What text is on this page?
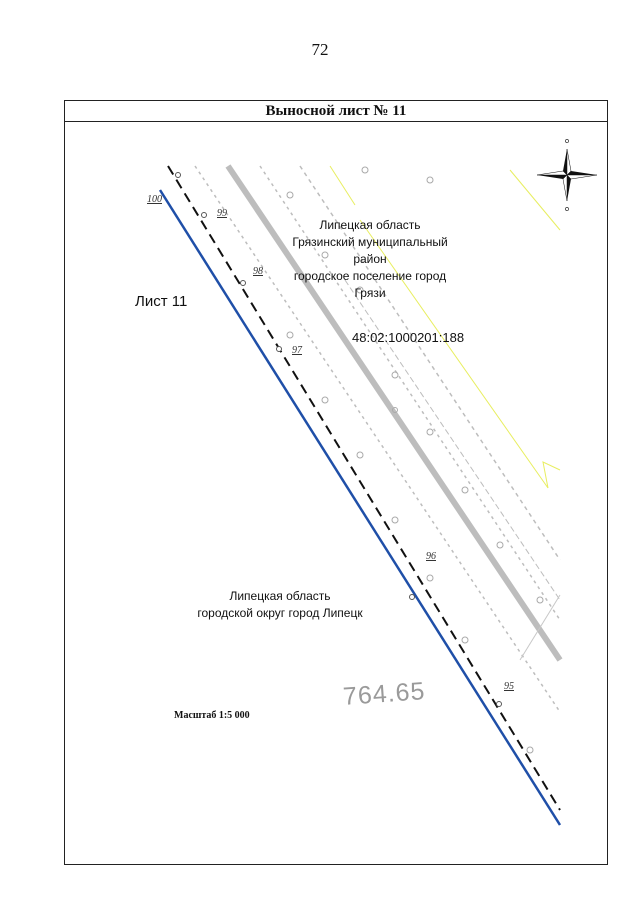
72
Выносной лист № 11
100
99
98
97
96
95
Липецкая область
Грязинский муниципальный район
городское поселение город Грязи
Лист 11
48:02:1000201:188
Липецкая область
городской округ город Липецк
764.65
Масштаб 1:5 000
